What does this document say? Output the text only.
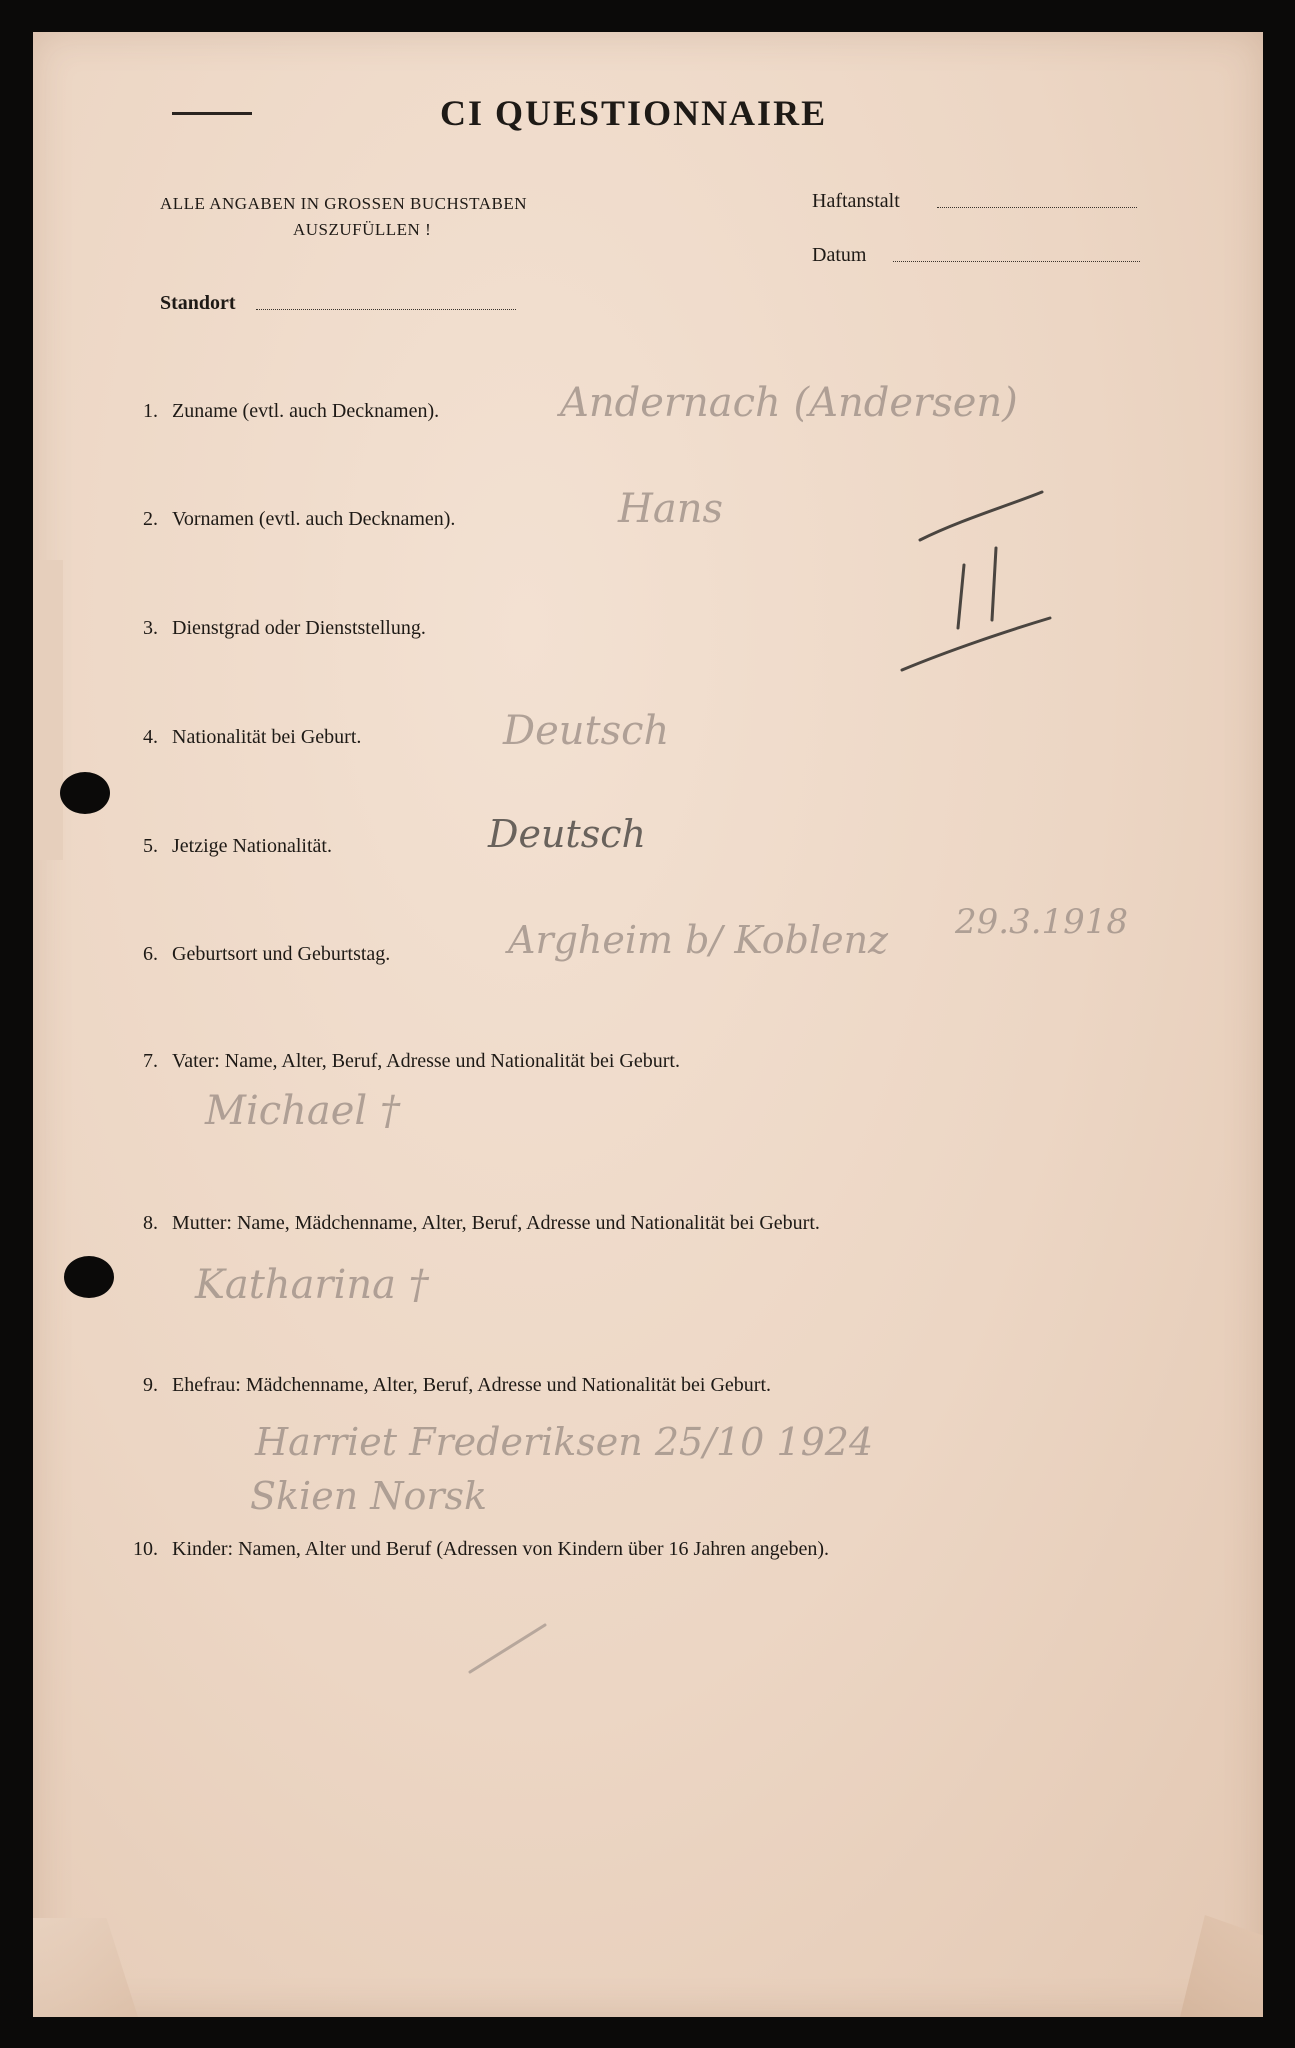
CI QUESTIONNAIRE
ALLE ANGABEN IN GROSSEN BUCHSTABEN
AUSZUFÜLLEN !
Haftanstalt
Datum
Standort
1. Zuname (evtl. auch Decknamen).
2. Vornamen (evtl. auch Decknamen).
3. Dienstgrad oder Dienststellung.
4. Nationalität bei Geburt.
5. Jetzige Nationalität.
6. Geburtsort und Geburtstag.
7. Vater: Name, Alter, Beruf, Adresse und Nationalität bei Geburt.
8. Mutter: Name, Mädchenname, Alter, Beruf, Adresse und Nationalität bei Geburt.
9. Ehefrau: Mädchenname, Alter, Beruf, Adresse und Nationalität bei Geburt.
10. Kinder: Namen, Alter und Beruf (Adressen von Kindern über 16 Jahren angeben).
Andernach (Andersen)
Hans
Deutsch
Deutsch
Argheim b/ Koblenz 29.3.1918
Michael †
Katharina †
Harriet Frederiksen 25/10 1924
Skien Norsk
II
